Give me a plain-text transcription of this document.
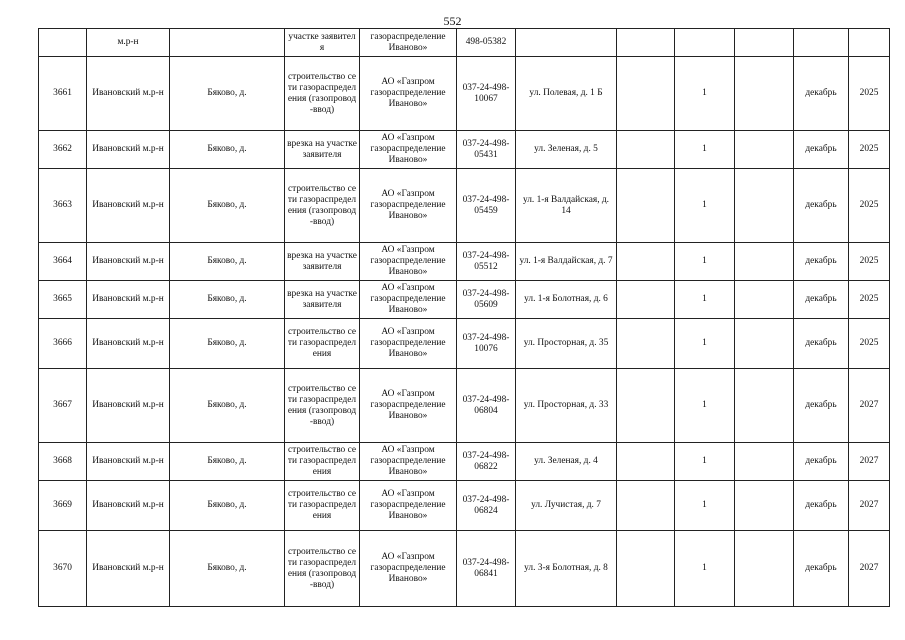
552
	м.р-н		участке заявителя	газораспределение Иваново»	498-05382						
3661	Ивановский м.р-н	Бяково, д.	строительство сети газораспределения (газопровод-ввод)	АО «Газпром газораспределение Иваново»	037-24-498-10067	ул. Полевая, д. 1 Б		1		декабрь	2025
3662	Ивановский м.р-н	Бяково, д.	врезка на участке заявителя	АО «Газпром газораспределение Иваново»	037-24-498-05431	ул. Зеленая, д. 5		1		декабрь	2025
3663	Ивановский м.р-н	Бяково, д.	строительство сети газораспределения (газопровод-ввод)	АО «Газпром газораспределение Иваново»	037-24-498-05459	ул. 1-я Валдайская, д. 14		1		декабрь	2025
3664	Ивановский м.р-н	Бяково, д.	врезка на участке заявителя	АО «Газпром газораспределение Иваново»	037-24-498-05512	ул. 1-я Валдайская, д. 7		1		декабрь	2025
3665	Ивановский м.р-н	Бяково, д.	врезка на участке заявителя	АО «Газпром газораспределение Иваново»	037-24-498-05609	ул. 1-я Болотная, д. 6		1		декабрь	2025
3666	Ивановский м.р-н	Бяково, д.	строительство сети газораспределения	АО «Газпром газораспределение Иваново»	037-24-498-10076	ул. Просторная, д. 35		1		декабрь	2025
3667	Ивановский м.р-н	Бяково, д.	строительство сети газораспределения (газопровод-ввод)	АО «Газпром газораспределение Иваново»	037-24-498-06804	ул. Просторная, д. 33		1		декабрь	2027
3668	Ивановский м.р-н	Бяково, д.	строительство сети газораспределения	АО «Газпром газораспределение Иваново»	037-24-498-06822	ул. Зеленая, д. 4		1		декабрь	2027
3669	Ивановский м.р-н	Бяково, д.	строительство сети газораспределения	АО «Газпром газораспределение Иваново»	037-24-498-06824	ул. Лучистая, д. 7		1		декабрь	2027
3670	Ивановский м.р-н	Бяково, д.	строительство сети газораспределения (газопровод-ввод)	АО «Газпром газораспределение Иваново»	037-24-498-06841	ул. 3-я Болотная, д. 8		1		декабрь	2027
